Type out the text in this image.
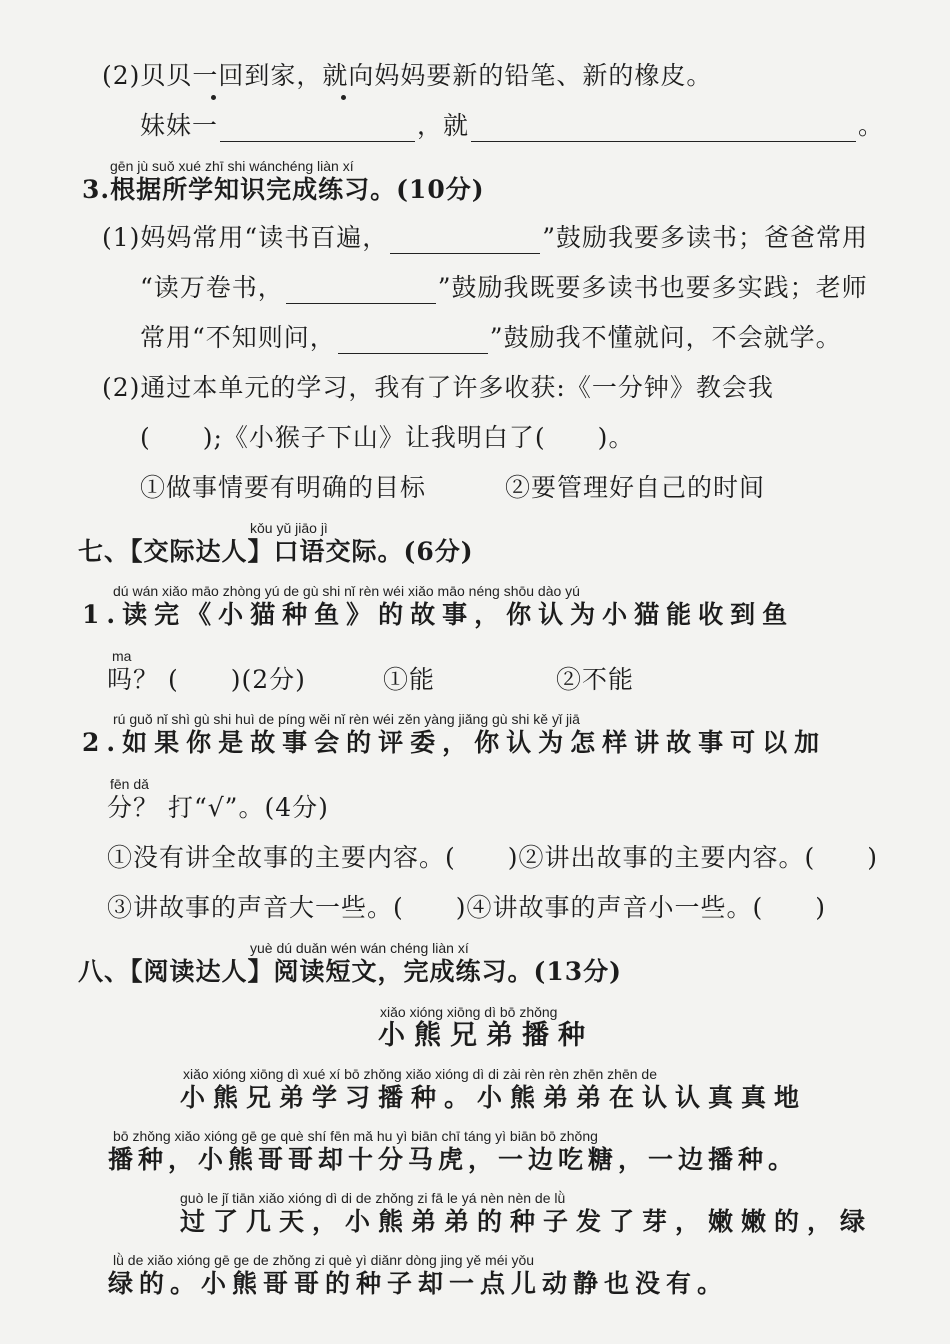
(2)贝贝一回到家，就向妈妈要新的铅笔、新的橡皮。
妹妹一	，就	。
gēn jù suǒ xué zhī shi wánchéng liàn xí
3.根据所学知识完成练习。(10分)
(1)妈妈常用“读书百遍，	”鼓励我要多读书；爸爸常用
“读万卷书，	”鼓励我既要多读书也要多实践；老师
常用“不知则问，	”鼓励我不懂就问，不会就学。
(2)通过本单元的学习，我有了许多收获:《一分钟》教会我
(　　);《小猴子下山》让我明白了(　　)。
①做事情要有明确的目标	②要管理好自己的时间
kǒu yǔ jiāo jì
七、【交际达人】口语交际。(6分)
dú wán xiǎo māo zhòng yú de gù shi nǐ rèn wéi xiǎo māo néng shōu dào yú
1.读完《小猫种鱼》的故事，你认为小猫能收到鱼
ma
吗？ (　　)(2分)	①能	②不能
rú guǒ nǐ shì gù shi huì de píng wěi nǐ rèn wéi zěn yàng jiǎng gù shi kě yǐ jiā
2.如果你是故事会的评委，你认为怎样讲故事可以加
fēn dǎ
分？ 打“√”。(4分)
①没有讲全故事的主要内容。(　　)②讲出故事的主要内容。(　　)
③讲故事的声音大一些。(　　)④讲故事的声音小一些。(　　)
yuè dú duǎn wén wán chéng liàn xí
八、【阅读达人】阅读短文，完成练习。(13分)
xiǎo xióng xiōng dì bō zhǒng
小熊兄弟播种
xiǎo xióng xiōng dì xué xí bō zhǒng xiǎo xióng dì di zài rèn rèn zhēn zhēn de
小熊兄弟学习播种。小熊弟弟在认认真真地
bō zhǒng xiǎo xióng gē ge què shí fēn mǎ hu yì biān chī táng yì biān bō zhǒng
播种，小熊哥哥却十分马虎，一边吃糖，一边播种。
guò le jǐ tiān xiǎo xióng dì di de zhǒng zi fā le yá nèn nèn de lǜ
过了几天，小熊弟弟的种子发了芽，嫩嫩的，绿
lǜ de xiǎo xióng gē ge de zhǒng zi què yì diǎnr dòng jing yě méi yǒu
绿的。小熊哥哥的种子却一点儿动静也没有。
